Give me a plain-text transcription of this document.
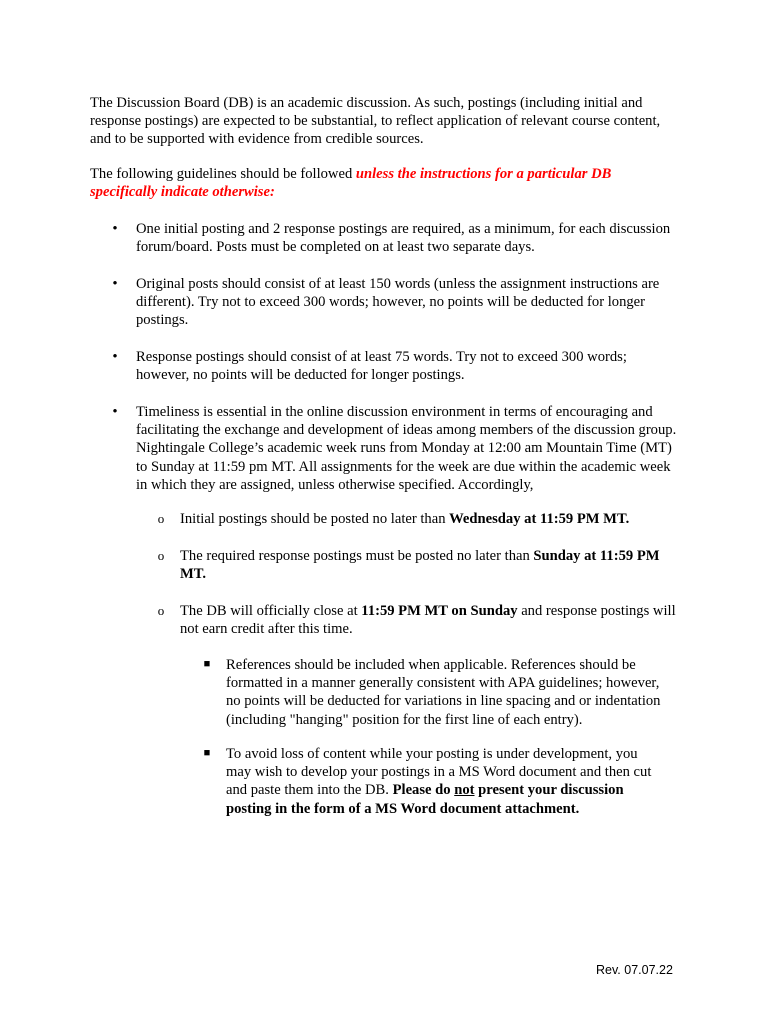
The Discussion Board (DB) is an academic discussion. As such, postings (including initial and response postings) are expected to be substantial, to reflect application of relevant course content, and to be supported with evidence from credible sources.

The following guidelines should be followed unless the instructions for a particular DB specifically indicate otherwise:

• One initial posting and 2 response postings are required, as a minimum, for each discussion forum/board. Posts must be completed on at least two separate days.

• Original posts should consist of at least 150 words (unless the assignment instructions are different). Try not to exceed 300 words; however, no points will be deducted for longer postings.

• Response postings should consist of at least 75 words. Try not to exceed 300 words; however, no points will be deducted for longer postings.

• Timeliness is essential in the online discussion environment in terms of encouraging and facilitating the exchange and development of ideas among members of the discussion group. Nightingale College’s academic week runs from Monday at 12:00 am Mountain Time (MT) to Sunday at 11:59 pm MT. All assignments for the week are due within the academic week in which they are assigned, unless otherwise specified. Accordingly,

o Initial postings should be posted no later than Wednesday at 11:59 PM MT.

o The required response postings must be posted no later than Sunday at 11:59 PM MT.

o The DB will officially close at 11:59 PM MT on Sunday and response postings will not earn credit after this time.

■ References should be included when applicable. References should be formatted in a manner generally consistent with APA guidelines; however, no points will be deducted for variations in line spacing and or indentation (including "hanging" position for the first line of each entry).

■ To avoid loss of content while your posting is under development, you may wish to develop your postings in a MS Word document and then cut and paste them into the DB. Please do not present your discussion posting in the form of a MS Word document attachment.

Rev. 07.07.22
